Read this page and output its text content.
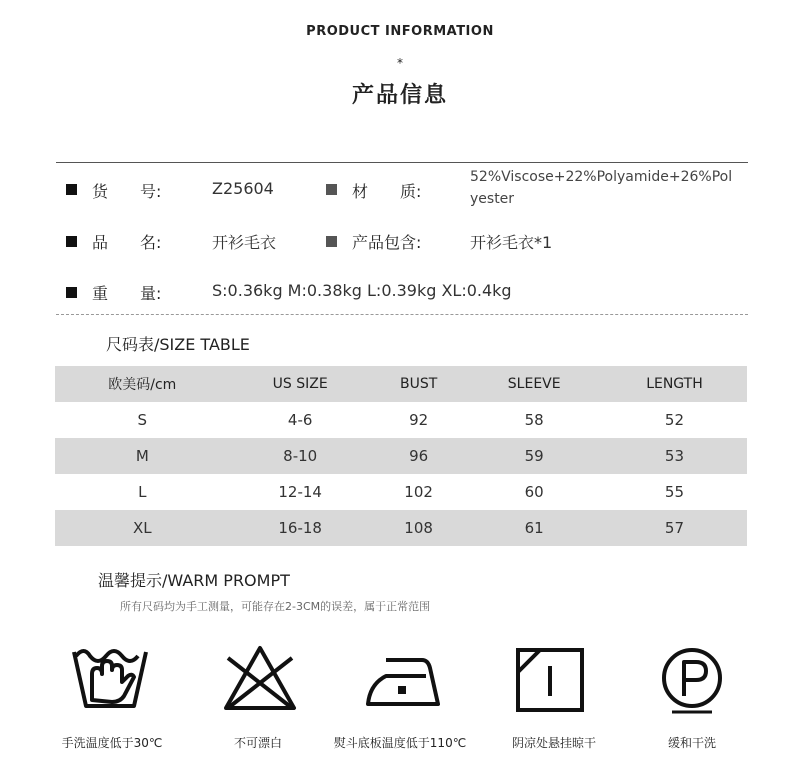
PRODUCT INFORMATION
*
产品信息
货　　号:	Z25604	材　　质:
52%Viscose+22%Polyamide+26%Pol
yester
品　　名:	开衫毛衣	产品包含:	开衫毛衣*1
重　　量:	S:0.36kg M:0.38kg L:0.39kg XL:0.4kg
尺码表/SIZE TABLE
欧美码/cm	US SIZE	BUST	SLEEVE	LENGTH
S	4-6	92	58	52
M	8-10	96	59	53
L	12-14	102	60	55
XL	16-18	108	61	57
温馨提示/WARM PROMPT
所有尺码均为手工测量，可能存在2-3CM的误差，属于正常范围
手洗温度低于30℃	不可漂白	熨斗底板温度低于110℃	阴凉处悬挂晾干	缓和干洗
